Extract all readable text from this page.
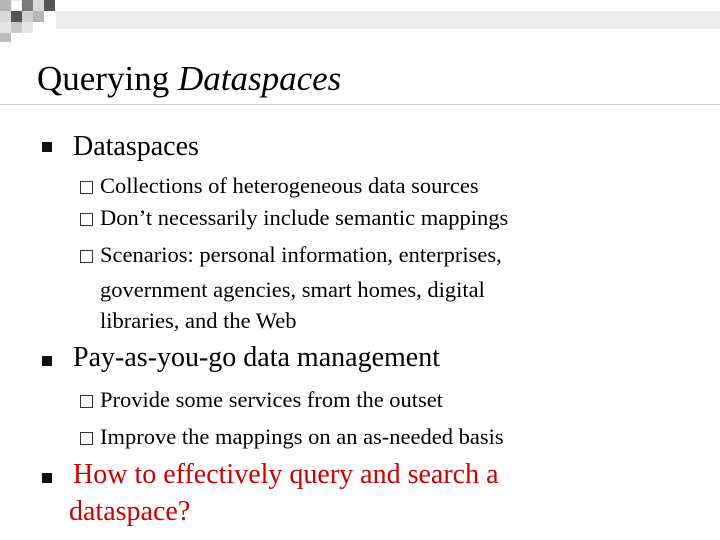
Querying Dataspaces
Dataspaces
Collections of heterogeneous data sources
Don’t necessarily include semantic mappings
Scenarios: personal information, enterprises,
government agencies, smart homes, digital
libraries, and the Web
Pay-as-you-go data management
Provide some services from the outset
Improve the mappings on an as-needed basis
How to effectively query and search a
dataspace?
